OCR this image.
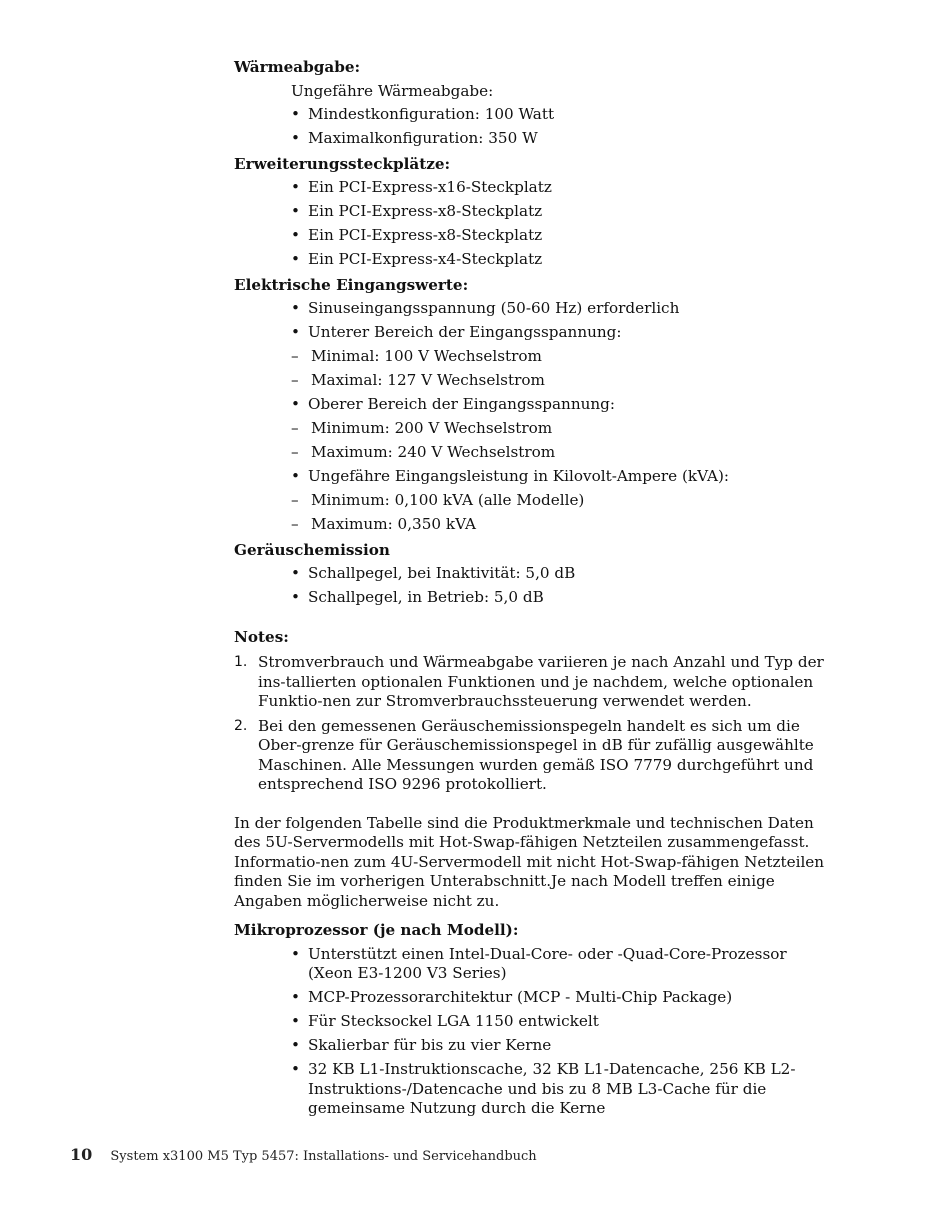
Wärmeabgabe:
Ungefähre Wärmeabgabe:
• Mindestkonfiguration: 100 Watt
• Maximalkonfiguration: 350 W
Erweiterungssteckplätze:
• Ein PCI-Express-x16-Steckplatz
• Ein PCI-Express-x8-Steckplatz
• Ein PCI-Express-x8-Steckplatz
• Ein PCI-Express-x4-Steckplatz
Elektrische Eingangswerte:
• Sinuseingangsspannung (50-60 Hz) erforderlich
• Unterer Bereich der Eingangsspannung:
– Minimal: 100 V Wechselstrom
– Maximal: 127 V Wechselstrom
• Oberer Bereich der Eingangsspannung:
– Minimum: 200 V Wechselstrom
– Maximum: 240 V Wechselstrom
• Ungefähre Eingangsleistung in Kilovolt-Ampere (kVA):
– Minimum: 0,100 kVA (alle Modelle)
– Maximum: 0,350 kVA
Geräuschemission
• Schallpegel, bei Inaktivität: 5,0 dB
• Schallpegel, in Betrieb: 5,0 dB
Notes:
1. Stromverbrauch und Wärmeabgabe variieren je nach Anzahl und Typ der ins-tallierten optionalen Funktionen und je nachdem, welche optionalen Funktio-nen zur Stromverbrauchssteuerung verwendet werden.
2. Bei den gemessenen Geräuschemissionspegeln handelt es sich um die Ober-grenze für Geräuschemissionspegel in dB für zufällig ausgewählte Maschinen. Alle Messungen wurden gemäß ISO 7779 durchgeführt und entsprechend ISO 9296 protokolliert.
In der folgenden Tabelle sind die Produktmerkmale und technischen Daten des 5U-Servermodells mit Hot-Swap-fähigen Netzteilen zusammengefasst. Informatio-nen zum 4U-Servermodell mit nicht Hot-Swap-fähigen Netzteilen finden Sie im vorherigen Unterabschnitt.Je nach Modell treffen einige Angaben möglicherweise nicht zu.
Mikroprozessor (je nach Modell):
• Unterstützt einen Intel-Dual-Core- oder -Quad-Core-Prozessor (Xeon E3-1200 V3 Series)
• MCP-Prozessorarchitektur (MCP - Multi-Chip Package)
• Für Stecksockel LGA 1150 entwickelt
• Skalierbar für bis zu vier Kerne
• 32 KB L1-Instruktionscache, 32 KB L1-Datencache, 256 KB L2-Instruktions-/Datencache und bis zu 8 MB L3-Cache für die gemeinsame Nutzung durch die Kerne
10 System x3100 M5 Typ 5457: Installations- und Servicehandbuch
